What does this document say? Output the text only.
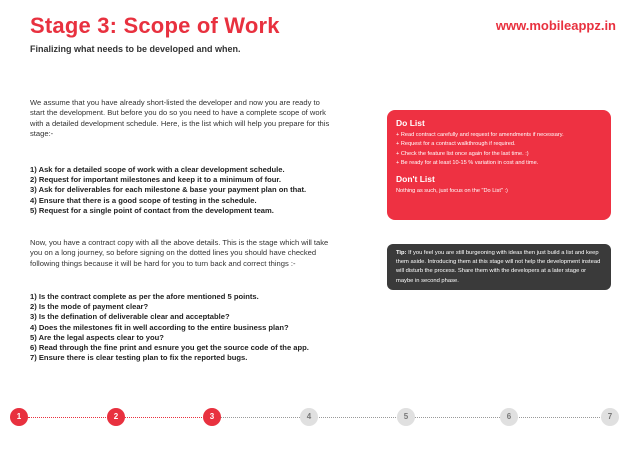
Stage 3: Scope of Work	www.mobileappz.in
Finalizing what needs to be developed and when.
We assume that you have already short-listed the developer and now you are ready to start the development. But before you do so you need to have a complete scope of work with a detailed development schedule. Here, is the list which will help you prepare for this stage:-
1) Ask for a detailed scope of work with a clear development schedule.
2) Request for important milestones and keep it to a minimum of four.
3) Ask for deliverables for each milestone & base your payment plan on that.
4) Ensure that there is a good scope of testing in the schedule.
5) Request for a single point of contact from the development team.
Now, you have a contract copy with all the above details. This is the stage which will take you on a long journey, so before signing on the dotted lines you should have checked following things because it will be hard for you to turn back and correct things :-
1) Is the contract complete as per the afore mentioned 5 points.
2) Is the mode of payment clear?
3) Is the defination of deliverable clear and acceptable?
4) Does the milestones fit in well according to the entire business plan?
5) Are the legal aspects clear to you?
6) Read through the fine print and esnure you get the source code of the app.
7) Ensure there is clear testing plan to fix the reported bugs.
Do List
+ Read contract carefully and request for amendments if necessary.
+ Request for a contract walkthrough if required.
+ Check the feature list once again for the last time. :)
+ Be ready for at least 10-15 % variation in cost and time.
Don't List

Nothing as such, just focus on the "Do List" :)

Tip: If you feel you are still burgeoning with ideas then just build a list and keep them aside. Introducing them at this stage will not help the development instead will disturb the process. Share them with the developers at a later stage or maybe in second phase.
1	2	3	4	5	6	7
